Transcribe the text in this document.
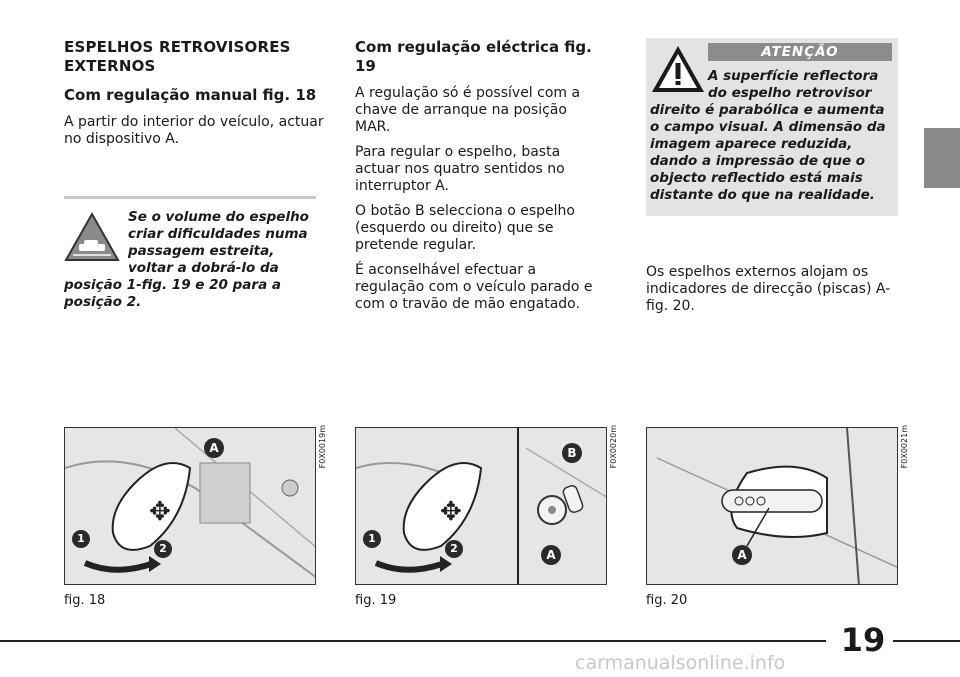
ESPELHOS RETROVISORES EXTERNOS
Com regulação manual fig. 18
A partir do interior do veículo, actuar no dispositivo A.
Se o volume do espelho criar dificuldades numa passagem estreita, voltar a dobrá-lo da posição 1-fig. 19 e 20 para a posição 2.
Com regulação eléctrica fig. 19
A regulação só é possível com a chave de arranque na posição MAR.
Para regular o espelho, basta actuar nos quatro sentidos no interruptor A.
O botão B selecciona o espelho (esquerdo ou direito) que se pretende regular.
É aconselhável efectuar a regulação com o veículo parado e com o travão de mão engatado.
ATENÇÃO
A superfície reflectora do espelho retrovisor
direito é parabólica e aumenta o campo visual. A dimensão da imagem aparece reduzida, dando a impressão de que o objecto reflectido está mais distante do que na realidade.
Os espelhos externos alojam os indicadores de direcção (piscas) A-fig. 20.
✥
A
1
2
F0X0019m
fig. 18
✥
B
A
1
2
F0X0020m
fig. 19
A
F0X0021m
fig. 20
19
carmanualsonline.info
